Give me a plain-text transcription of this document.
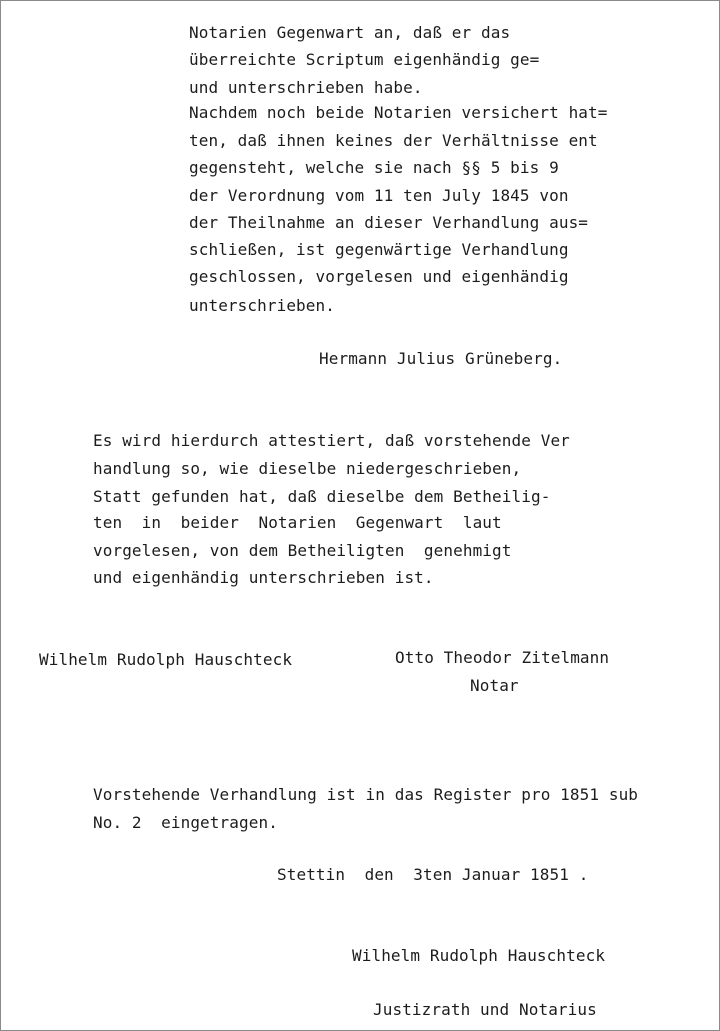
Notarien Gegenwart an, daß er das
überreichte Scriptum eigenhändig ge=
und unterschrieben habe.
Nachdem noch beide Notarien versichert hat=
ten, daß ihnen keines der Verhältnisse ent
gegensteht, welche sie nach §§ 5 bis 9
der Verordnung vom 11 ten July 1845 von
der Theilnahme an dieser Verhandlung aus=
schließen, ist gegenwärtige Verhandlung
geschlossen, vorgelesen und eigenhändig
unterschrieben.
Hermann Julius Grüneberg.
Es wird hierdurch attestiert, daß vorstehende Ver
handlung so, wie dieselbe niedergeschrieben,
Statt gefunden hat, daß dieselbe dem Betheilig-
ten  in  beider  Notarien  Gegenwart  laut
vorgelesen, von dem Betheiligten  genehmigt
und eigenhändig unterschrieben ist.
Wilhelm Rudolph Hauschteck	Otto Theodor Zitelmann
Notar
Vorstehende Verhandlung ist in das Register pro 1851 sub
No. 2  eingetragen.
Stettin  den  3ten Januar 1851 .
Wilhelm Rudolph Hauschteck
Justizrath und Notarius
